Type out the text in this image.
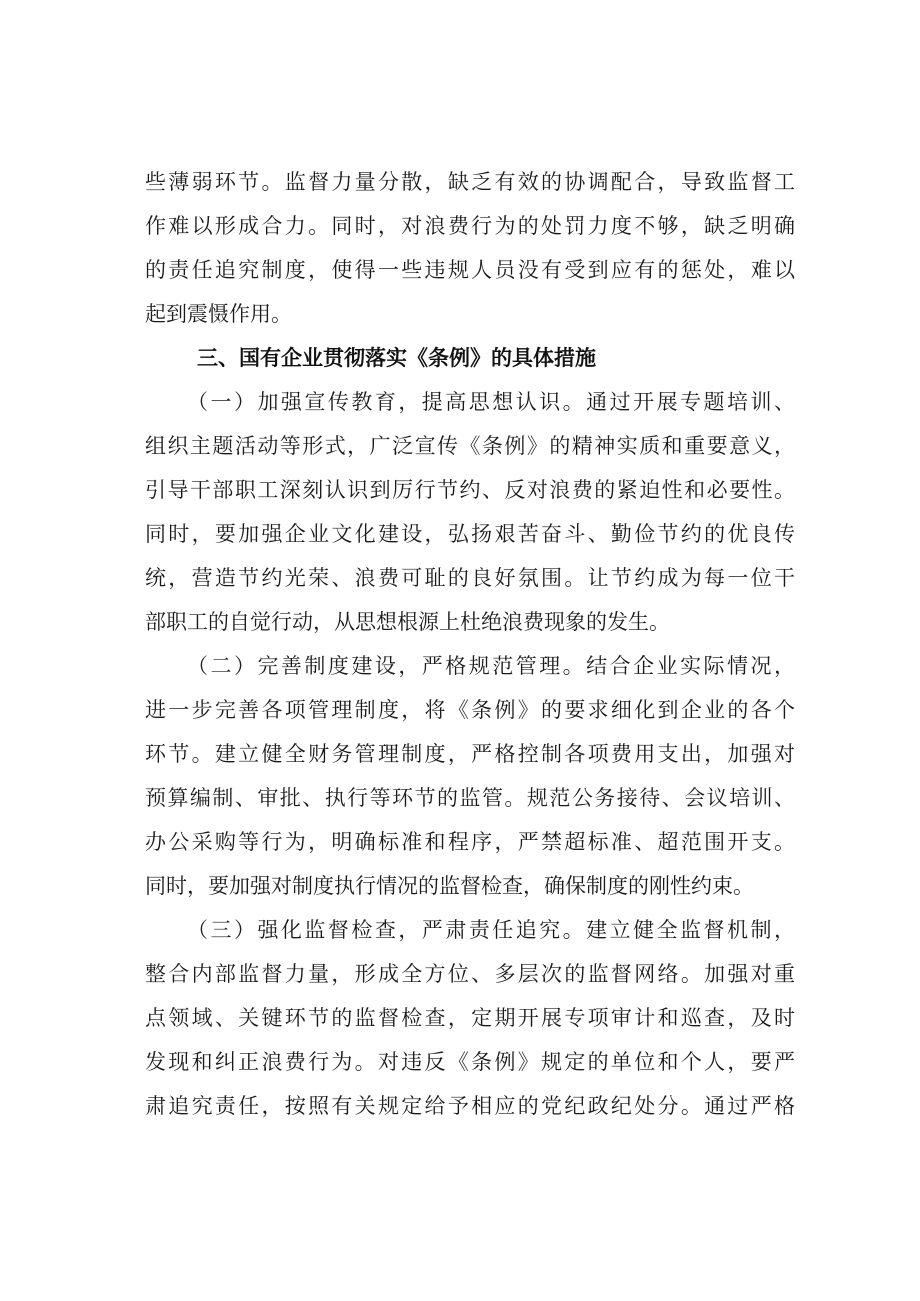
些薄弱环节。监督力量分散，缺乏有效的协调配合，导致监督工
作难以形成合力。同时，对浪费行为的处罚力度不够，缺乏明确
的责任追究制度，使得一些违规人员没有受到应有的惩处，难以
起到震慑作用。
三、国有企业贯彻落实《条例》的具体措施
（一）加强宣传教育，提高思想认识。通过开展专题培训、
组织主题活动等形式，广泛宣传《条例》的精神实质和重要意义，
引导干部职工深刻认识到厉行节约、反对浪费的紧迫性和必要性。
同时，要加强企业文化建设，弘扬艰苦奋斗、勤俭节约的优良传
统，营造节约光荣、浪费可耻的良好氛围。让节约成为每一位干
部职工的自觉行动，从思想根源上杜绝浪费现象的发生。
（二）完善制度建设，严格规范管理。结合企业实际情况，
进一步完善各项管理制度，将《条例》的要求细化到企业的各个
环节。建立健全财务管理制度，严格控制各项费用支出，加强对
预算编制、审批、执行等环节的监管。规范公务接待、会议培训、
办公采购等行为，明确标准和程序，严禁超标准、超范围开支。
同时，要加强对制度执行情况的监督检查，确保制度的刚性约束。
（三）强化监督检查，严肃责任追究。建立健全监督机制，
整合内部监督力量，形成全方位、多层次的监督网络。加强对重
点领域、关键环节的监督检查，定期开展专项审计和巡查，及时
发现和纠正浪费行为。对违反《条例》规定的单位和个人，要严
肃追究责任，按照有关规定给予相应的党纪政纪处分。通过严格
